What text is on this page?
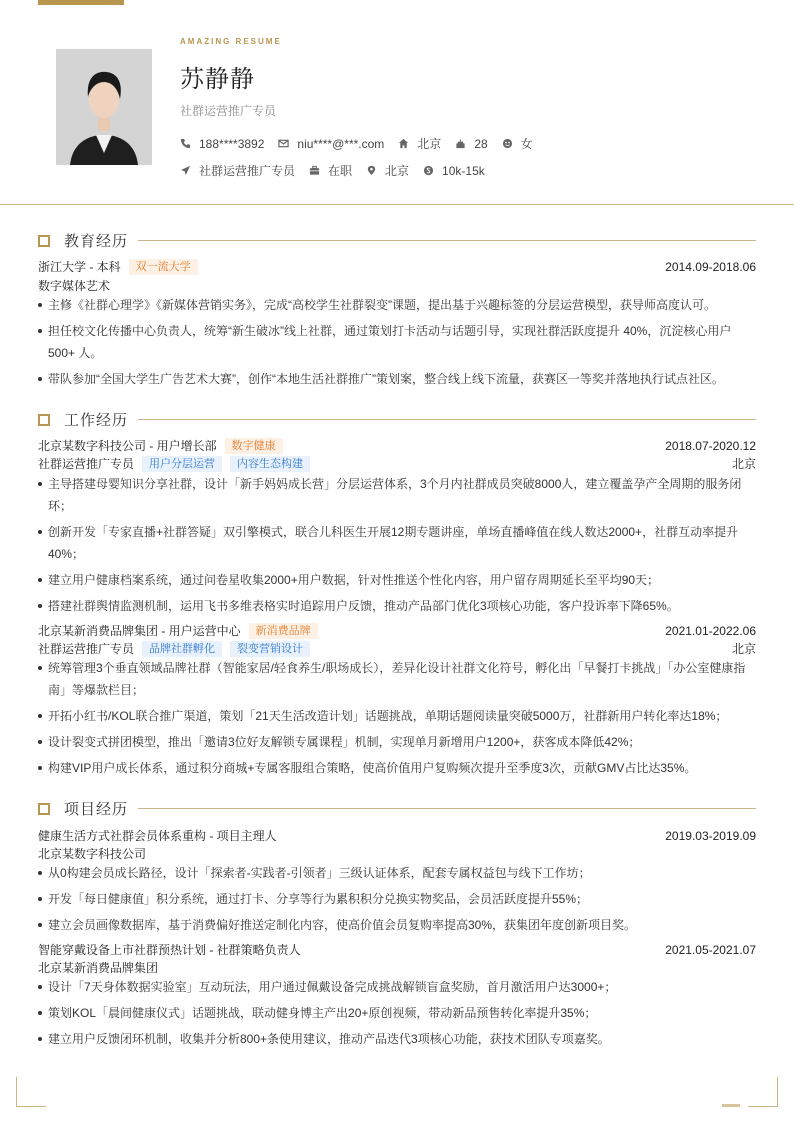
AMAZING RESUME
苏静静
社群运营推广专员
188****3892	niu****@***.com	北京	28	女
社群运营推广专员	在职	北京	10k-15k
教育经历
浙江大学 - 本科	双一流大学	2014.09-2018.06
数字媒体艺术
主修《社群心理学》《新媒体营销实务》，完成“高校学生社群裂变”课题，提出基于兴趣标签的分层运营模型，获导师高度认可。
担任校文化传播中心负责人，统筹“新生破冰”线上社群，通过策划打卡活动与话题引导，实现社群活跃度提升 40%，沉淀核心用户500+ 人。
带队参加“全国大学生广告艺术大赛”，创作“本地生活社群推广”策划案，整合线上线下流量，获赛区一等奖并落地执行试点社区。
工作经历
北京某数字科技公司 - 用户增长部	数字健康	2018.07-2020.12
社群运营推广专员	用户分层运营	内容生态构建	北京
主导搭建母婴知识分享社群，设计「新手妈妈成长营」分层运营体系，3个月内社群成员突破8000人，建立覆盖孕产全周期的服务闭环；
创新开发「专家直播+社群答疑」双引擎模式，联合儿科医生开展12期专题讲座，单场直播峰值在线人数达2000+，社群互动率提升40%；
建立用户健康档案系统，通过问卷星收集2000+用户数据，针对性推送个性化内容，用户留存周期延长至平均90天；
搭建社群舆情监测机制，运用飞书多维表格实时追踪用户反馈，推动产品部门优化3项核心功能，客户投诉率下降65%。
北京某新消费品牌集团 - 用户运营中心	新消费品牌	2021.01-2022.06
社群运营推广专员	品牌社群孵化	裂变营销设计	北京
统筹管理3个垂直领域品牌社群（智能家居/轻食养生/职场成长），差异化设计社群文化符号，孵化出「早餐打卡挑战」「办公室健康指南」等爆款栏目；
开拓小红书/KOL联合推广渠道，策划「21天生活改造计划」话题挑战，单期话题阅读量突破5000万，社群新用户转化率达18%；
设计裂变式拼团模型，推出「邀请3位好友解锁专属课程」机制，实现单月新增用户1200+，获客成本降低42%；
构建VIP用户成长体系，通过积分商城+专属客服组合策略，使高价值用户复购频次提升至季度3次，贡献GMV占比达35%。
项目经历
健康生活方式社群会员体系重构 - 项目主理人	2019.03-2019.09
北京某数字科技公司
从0构建会员成长路径，设计「探索者-实践者-引领者」三级认证体系，配套专属权益包与线下工作坊；
开发「每日健康值」积分系统，通过打卡、分享等行为累积积分兑换实物奖品，会员活跃度提升55%；
建立会员画像数据库，基于消费偏好推送定制化内容，使高价值会员复购率提高30%，获集团年度创新项目奖。
智能穿戴设备上市社群预热计划 - 社群策略负责人	2021.05-2021.07
北京某新消费品牌集团
设计「7天身体数据实验室」互动玩法，用户通过佩戴设备完成挑战解锁盲盒奖励，首月激活用户达3000+；
策划KOL「晨间健康仪式」话题挑战，联动健身博主产出20+原创视频，带动新品预售转化率提升35%；
建立用户反馈闭环机制，收集并分析800+条使用建议，推动产品迭代3项核心功能，获技术团队专项嘉奖。
